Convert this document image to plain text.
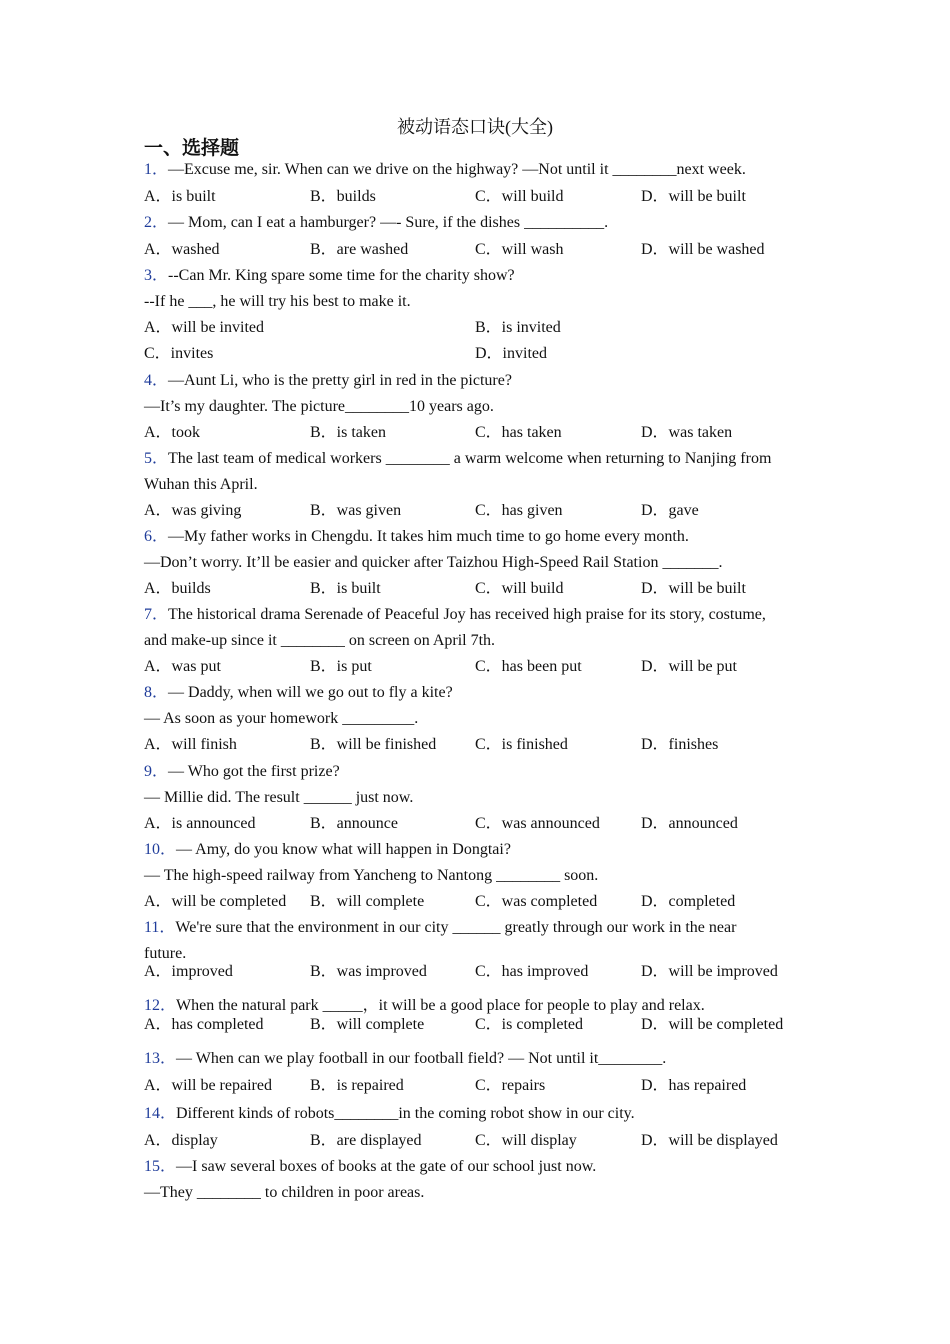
被动语态口诀(大全)
一、选择题
1．—Excuse me, sir. When can we drive on the highway? —Not until it ________next week.
A．is built	B．builds	C．will build	D．will be built
2．— Mom, can I eat a hamburger? —- Sure, if the dishes __________.
A．washed	B．are washed	C．will wash	D．will be washed
3．--Can Mr. King spare some time for the charity show?
--If he ___, he will try his best to make it.
A．will be invited	B．is invited
C．invites	D．invited
4．—Aunt Li, who is the pretty girl in red in the picture?
—It’s my daughter. The picture________10 years ago.
A．took	B．is taken	C．has taken	D．was taken
5．The last team of medical workers ________ a warm welcome when returning to Nanjing from
Wuhan this April.
A．was giving	B．was given	C．has given	D．gave
6．—My father works in Chengdu. It takes him much time to go home every month.
—Don’t worry. It’ll be easier and quicker after Taizhou High-Speed Rail Station _______.
A．builds	B．is built	C．will build	D．will be built
7．The historical drama Serenade of Peaceful Joy has received high praise for its story, costume,
and make-up since it ________ on screen on April 7th.
A．was put	B．is put	C．has been put	D．will be put
8．— Daddy, when will we go out to fly a kite?
— As soon as your homework _________.
A．will finish	B．will be finished C．is finished	D．finishes
9．— Who got the first prize?
— Millie did. The result ______ just now.
A．is announced	B．announce	C．was announced	D．announced
10．— Amy, do you know what will happen in Dongtai?
— The high-speed railway from Yancheng to Nantong ________ soon.
A．will be completed B．will complete	C．was completed	D．completed
11．We're sure that the environment in our city ______ greatly through our work in the near
future.
A．improved	B．was improved	C．has improved	D．will be improved
12．When the natural park _____，it will be a good place for people to play and relax.
A．has completed	B．will complete	C．is completed	D．will be completed
13．— When can we play football in our football field? — Not until it________.
A．will be repaired B．is repaired	C．repairs	D．has repaired
14．Different kinds of robots________in the coming robot show in our city.
A．display	B．are displayed	C．will display	D．will be displayed
15．—I saw several boxes of books at the gate of our school just now.
—They ________ to children in poor areas.
